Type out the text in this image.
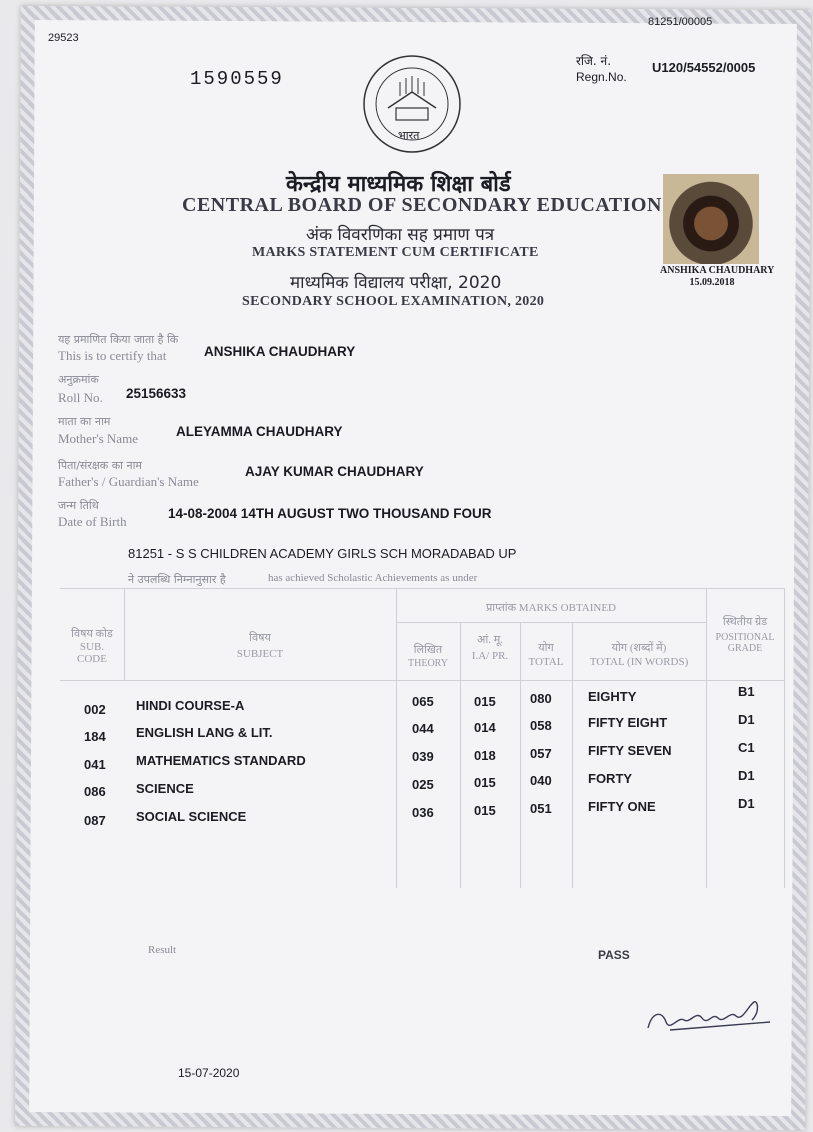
29523
81251/00005
1590559
भारत
रजि. नं.
Regn.No.
U120/54552/0005
केन्द्रीय माध्यमिक शिक्षा बोर्ड
CENTRAL BOARD OF SECONDARY EDUCATION
अंक विवरणिका सह प्रमाण पत्र
MARKS STATEMENT CUM CERTIFICATE
माध्यमिक विद्यालय परीक्षा, 2020
SECONDARY SCHOOL EXAMINATION, 2020
ANSHIKA CHAUDHARY
15.09.2018
यह प्रमाणित किया जाता है कि
This is to certify that	ANSHIKA CHAUDHARY
अनुक्रमांक
Roll No. 25156633
माता का नाम
Mother's Name	ALEYAMMA CHAUDHARY
पिता/संरक्षक का नाम
Father's / Guardian's Name
AJAY KUMAR CHAUDHARY
जन्म तिथि
Date of Birth
14-08-2004 14TH AUGUST TWO THOUSAND FOUR
81251 - S S CHILDREN ACADEMY GIRLS SCH MORADABAD UP
ने उपलब्धि निम्नानुसार है	has achieved Scholastic Achievements as under
विषय कोड SUB. CODE
विषय
SUBJECT
प्राप्तांक MARKS OBTAINED
लिखित
THEORY
आं. मू.
I.A/ PR.
योग
TOTAL
योग (शब्दों में)
TOTAL (IN WORDS)
स्थितीय ग्रेड
POSITIONAL GRADE
002 HINDI COURSE-A	065	015	080	EIGHTY	B1
184 ENGLISH LANG & LIT.	044	014	058	FIFTY EIGHT	D1
041 MATHEMATICS STANDARD	039	018	057	FIFTY SEVEN	C1
086 SCIENCE	025	015	040	FORTY	D1
087 SOCIAL SCIENCE	036	015	051	FIFTY ONE	D1
Result	PASS
15-07-2020
